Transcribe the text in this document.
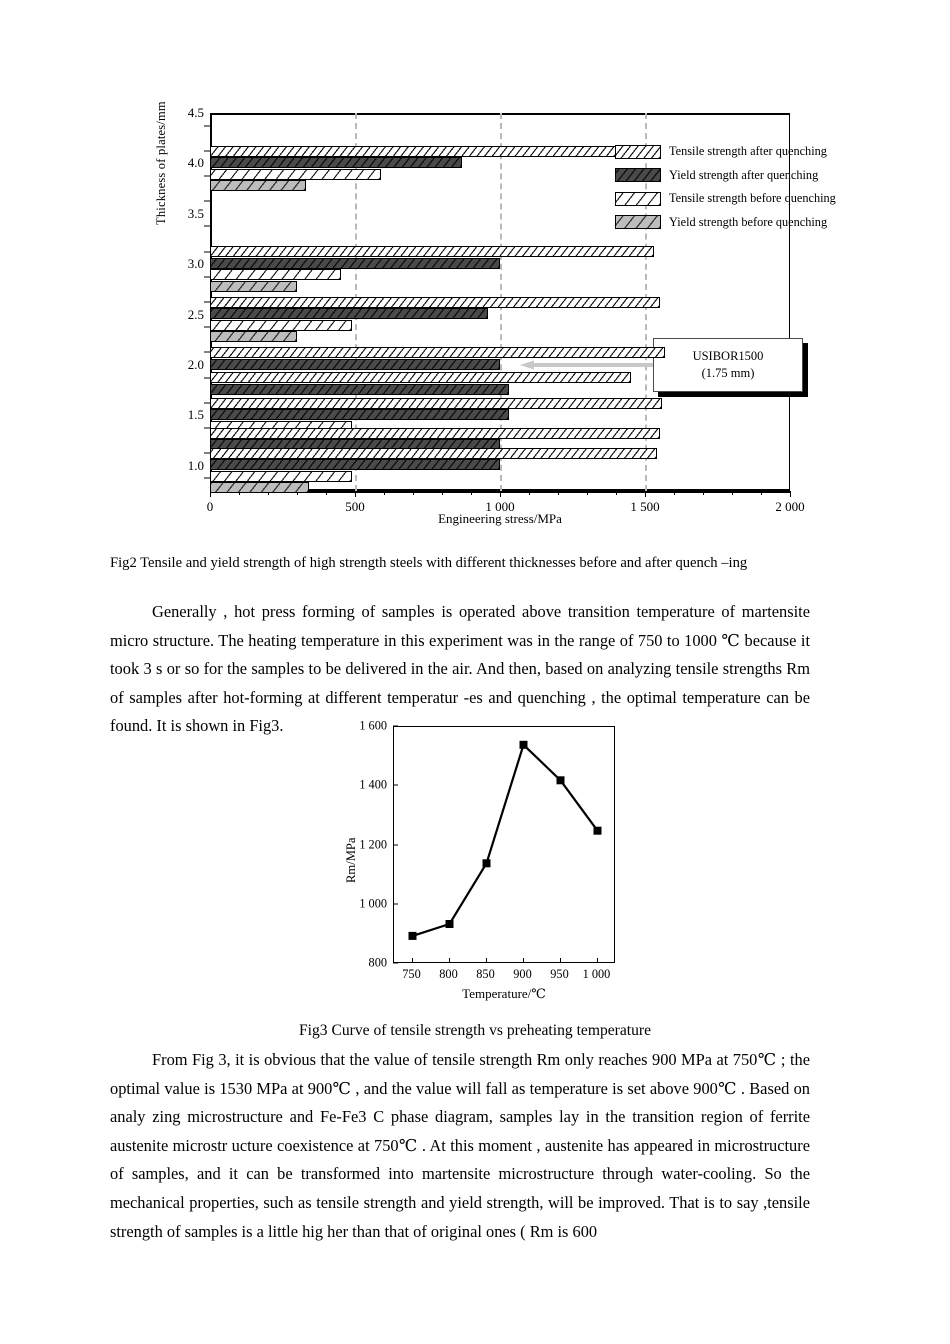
Thickness of plates/mm
1.0
1.5
2.0
2.5
3.0
3.5
4.0
4.5
0	500	1 000	1 500	2 000
Engineering stress/MPa
Tensile strength after quenching
Yield strength after quenching
Tensile strength before quenching
Yield strength before quenching
USIBOR1500
(1.75 mm)
Fig2 Tensile and yield strength of high strength steels with different thicknesses before and after quench –ing
Generally , hot press forming of samples is operated above transition temperature of martensite micro structure. The heating temperature in this experiment was in the range of 750 to 1000 ℃ because it took 3 s or so for the samples to be delivered in the air. And then, based on analyzing tensile strengths Rm of samples after hot-forming at different temperatur -es and quenching , the optimal temperature can be found. It is shown in Fig3.
Rm/MPa
800
1 000
1 200
1 400
1 600
750 800 850 900 950 1 000
Temperature/℃
Fig3 Curve of tensile strength vs preheating temperature
From Fig 3, it is obvious that the value of tensile strength Rm only reaches 900 MPa at 750℃ ; the optimal value is 1530 MPa at 900℃ , and the value will fall as temperature is set above 900℃ . Based on analy zing microstructure and Fe-Fe3 C phase diagram, samples lay in the transition region of ferrite austenite microstr ucture coexistence at 750℃ . At this moment , austenite has appeared in microstructure of samples, and it can be transformed into martensite microstructure through water-cooling. So the mechanical properties, such as tensile strength and yield strength, will be improved. That is to say ,tensile strength of samples is a little hig her than that of original ones ( Rm is 600
